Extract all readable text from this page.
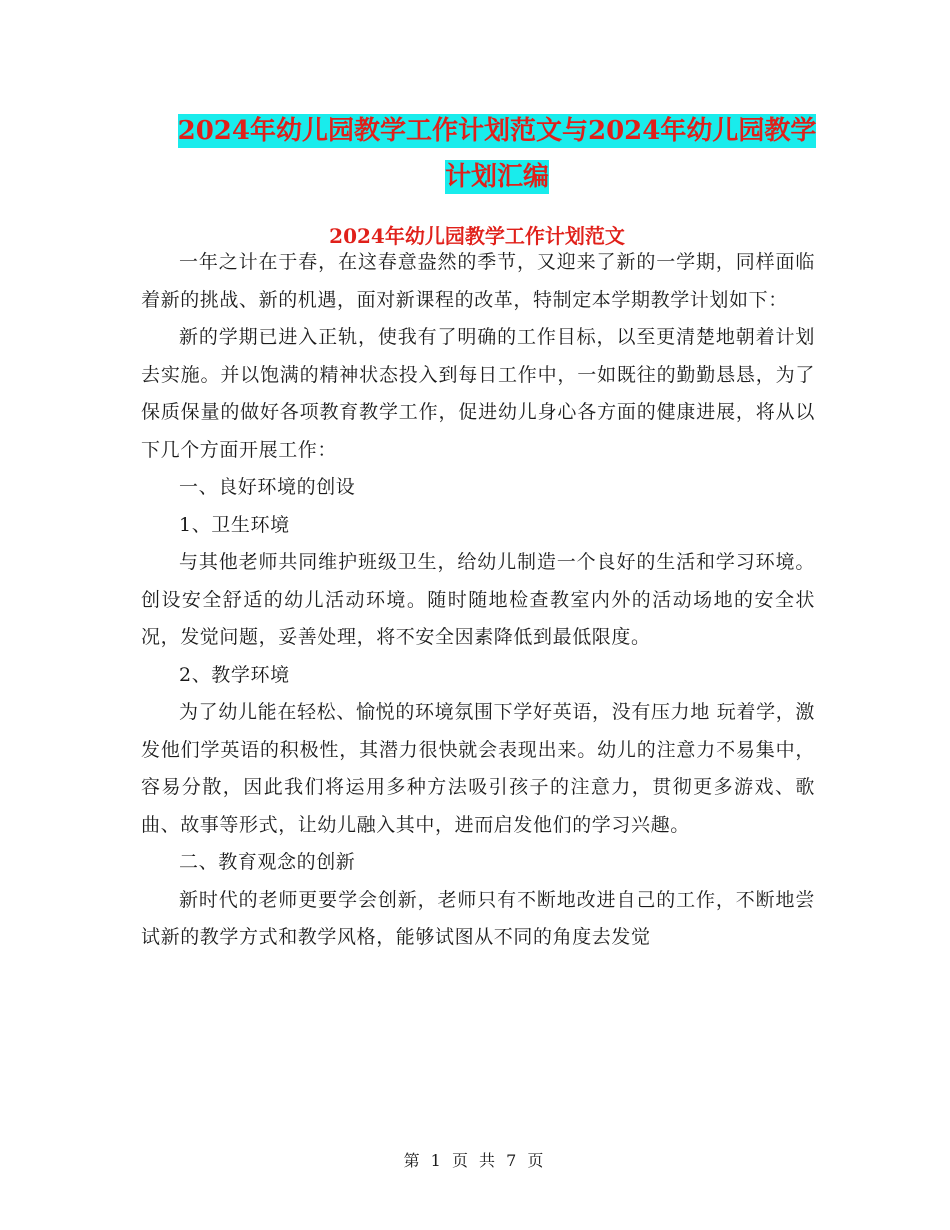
2024年幼儿园教学工作计划范文与2024年幼儿园教学
计划汇编
2024年幼儿园教学工作计划范文

一年之计在于春，在这春意盎然的季节，又迎来了新的一学期，同样面临着新的挑战、新的机遇，面对新课程的改革，特制定本学期教学计划如下：

新的学期已进入正轨，使我有了明确的工作目标，以至更清楚地朝着计划去实施。并以饱满的精神状态投入到每日工作中，一如既往的勤勤恳恳，为了保质保量的做好各项教育教学工作，促进幼儿身心各方面的健康进展，将从以下几个方面开展工作：

一、良好环境的创设

1、卫生环境

与其他老师共同维护班级卫生，给幼儿制造一个良好的生活和学习环境。创设安全舒适的幼儿活动环境。随时随地检查教室内外的活动场地的安全状况，发觉问题，妥善处理，将不安全因素降低到最低限度。

2、教学环境

为了幼儿能在轻松、愉悦的环境氛围下学好英语，没有压力地 玩着学，激发他们学英语的积极性，其潜力很快就会表现出来。幼儿的注意力不易集中，容易分散，因此我们将运用多种方法吸引孩子的注意力，贯彻更多游戏、歌曲、故事等形式，让幼儿融入其中，进而启发他们的学习兴趣。

二、教育观念的创新

新时代的老师更要学会创新，老师只有不断地改进自己的工作，不断地尝试新的教学方式和教学风格，能够试图从不同的角度去发觉

第 1 页 共 7 页
